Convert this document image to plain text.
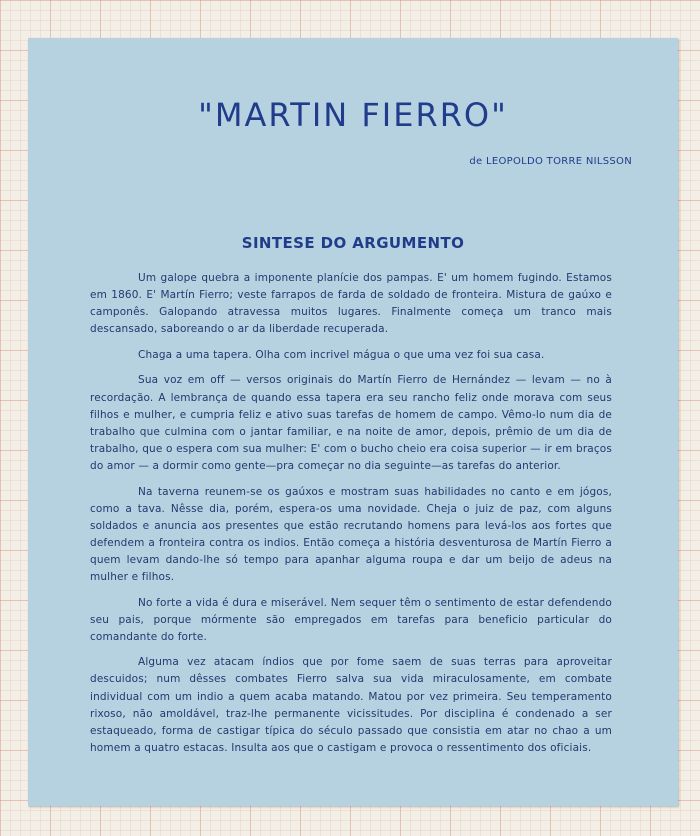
"MARTIN FIERRO"

de LEOPOLDO TORRE NILSSON

SINTESE DO ARGUMENTO

Um galope quebra a imponente planície dos pampas. E' um homem fugindo. Estamos em 1860. E' Martín Fierro; veste farrapos de farda de soldado de fronteira. Mistura de gaúxo e camponês. Galopando atravessa muitos lugares. Finalmente começa um tranco mais descansado, saboreando o ar da liberdade recuperada.

Chaga a uma tapera. Olha com incrivel mágua o que uma vez foi sua casa.

Sua voz em off — versos originais do Martín Fierro de Hernández — levam — no à recordação. A lembrança de quando essa tapera era seu rancho feliz onde morava com seus filhos e mulher, e cumpria feliz e ativo suas tarefas de homem de campo. Vêmo-lo num dia de trabalho que culmina com o jantar familiar, e na noite de amor, depois, prêmio de um dia de trabalho, que o espera com sua mulher: E' com o bucho cheio era coisa superior — ir em braços do amor — a dormir como gente—pra começar no dia seguinte—as tarefas do anterior.

Na taverna reunem-se os gaúxos e mostram suas habilidades no canto e em jógos, como a tava. Nêsse dia, porém, espera-os uma novidade. Cheja o juiz de paz, com alguns soldados e anuncia aos presentes que estão recrutando homens para levá-los aos fortes que defendem a fronteira contra os indios. Então começa a história desventurosa de Martín Fierro a quem levam dando-lhe só tempo para apanhar alguma roupa e dar um beijo de adeus na mulher e filhos.

No forte a vida é dura e miserável. Nem sequer têm o sentimento de estar defendendo seu pais, porque mórmente são empregados em tarefas para beneficio particular do comandante do forte.

Alguma vez atacam índios que por fome saem de suas terras para aproveitar descuidos; num dêsses combates Fierro salva sua vida miraculosamente, em combate individual com um indio a quem acaba matando. Matou por vez primeira. Seu temperamento rixoso, não amoldável, traz-lhe permanente vicissitudes. Por disciplina é condenado a ser estaqueado, forma de castigar típica do século passado que consistia em atar no chao a um homem a quatro estacas. Insulta aos que o castigam e provoca o ressentimento dos oficiais.
